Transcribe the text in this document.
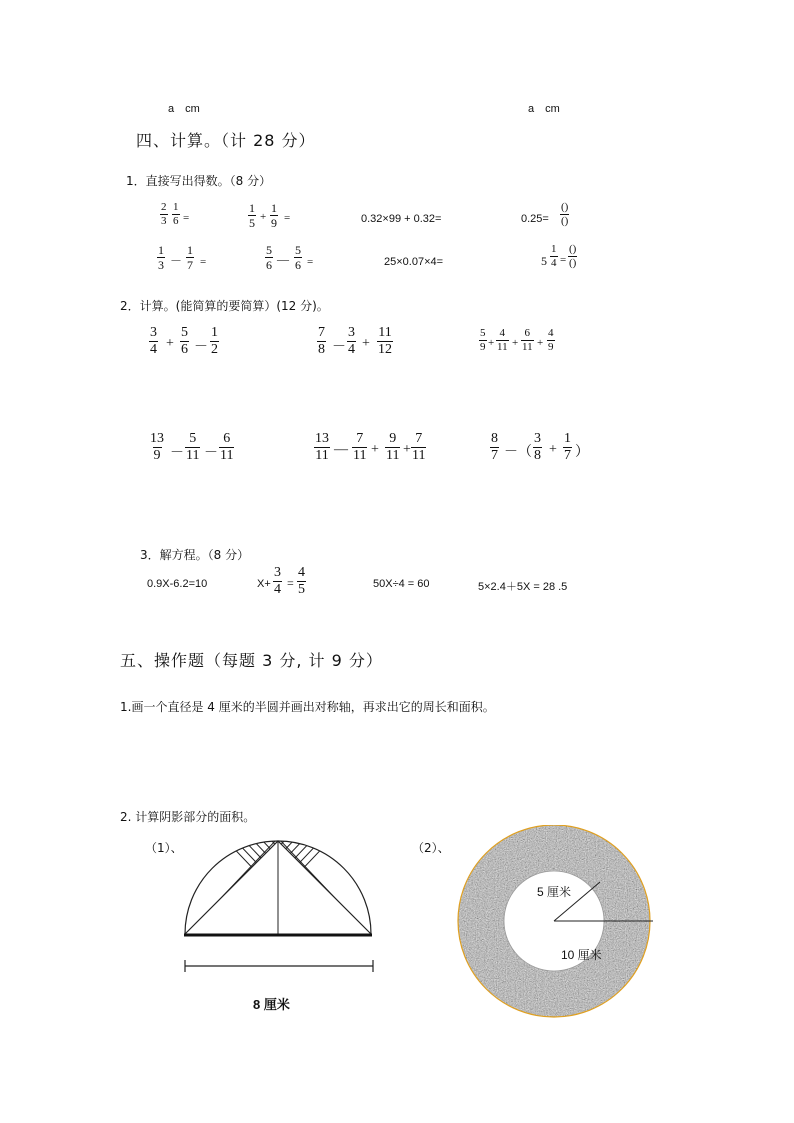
a　cm	a　cm
四、计算。（计 28 分）
1．直接写出得数。（8 分）
$\frac{2}{3} \frac{1}{6}$ =	$\frac{1}{5} + \frac{1}{9}$ =	0.32×99 + 0.32=	0.25=
()
()
$\frac{1}{3} - \frac{1}{7}$ =	$\frac{5}{6}$ — $\frac{5}{6}$ =	25×0.07×4=	$5 \frac{1}{4}$ =
()
()
2．计算。(能简算的要简算）(12 分)。
$\frac{3}{4} + \frac{5}{6} - \frac{1}{2}$	$\frac{7}{8} - \frac{3}{4} + \frac{11}{12}$	$\frac{5}{9} + \frac{4}{11} + \frac{6}{11} + \frac{4}{9}$
$\frac{13}{9} - \frac{5}{11} - \frac{6}{11}$	$\frac{13}{11}$ — $\frac{7}{11} + \frac{9}{11} + \frac{7}{11}$	$\frac{8}{7}$ －（ $\frac{3}{8} + \frac{1}{7}$ ）
3．解方程。（8 分）
0.9X-6.2=10	$X+ \frac{3}{4} = \frac{4}{5}$	50X÷4 = 60	5×2.4＋5X = 28 .5
五、操作题（每题 3 分, 计 9 分）
1.画一个直径是 4 厘米的半圆并画出对称轴，再求出它的周长和面积。
2. 计算阴影部分的面积。
（1）、	（2）、
8 厘米
5 厘米
10 厘米
